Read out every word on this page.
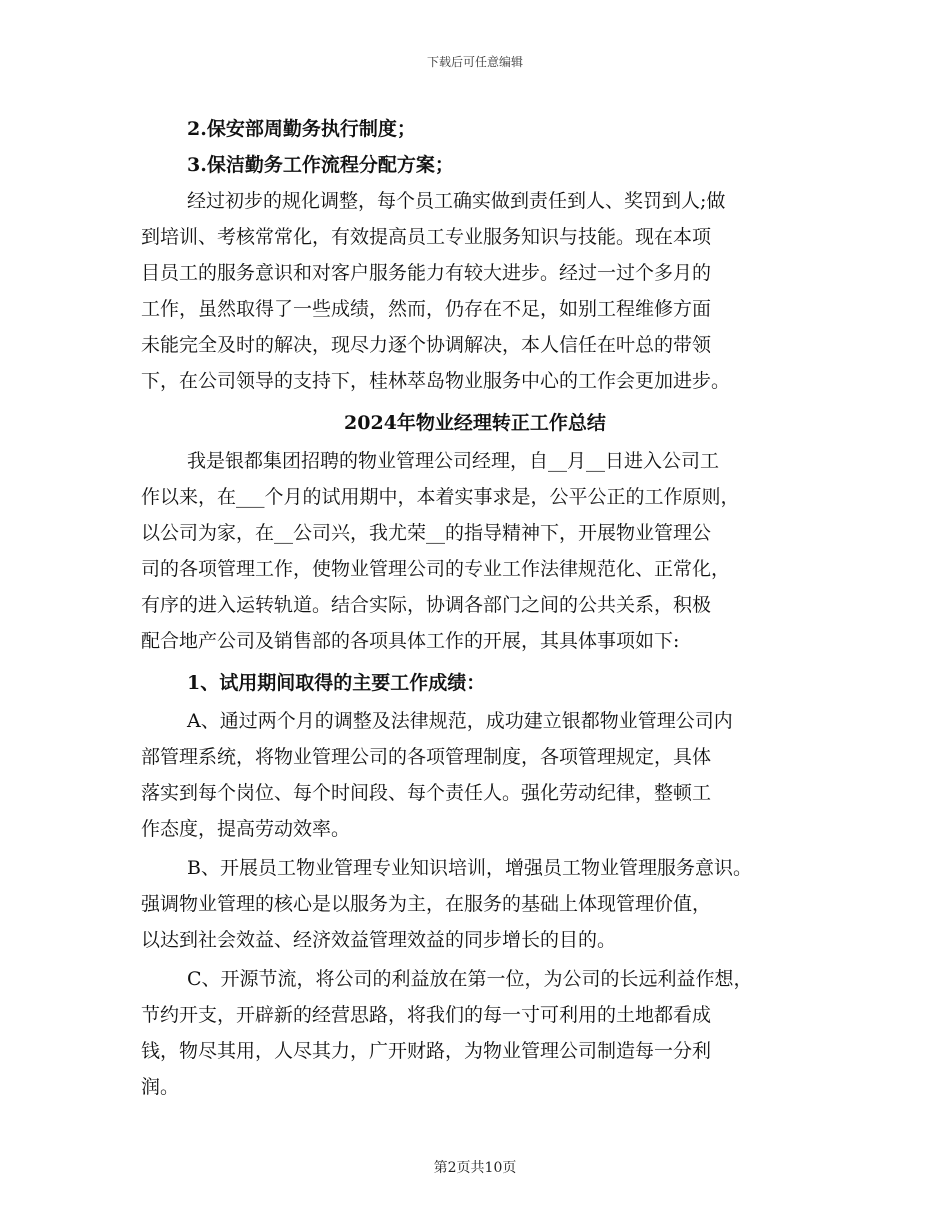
下载后可任意编辑
2.保安部周勤务执行制度；
3.保洁勤务工作流程分配方案；
经过初步的规化调整，每个员工确实做到责任到人、奖罚到人;做
到培训、考核常常化，有效提高员工专业服务知识与技能。现在本项
目员工的服务意识和对客户服务能力有较大进步。经过一过个多月的
工作，虽然取得了一些成绩，然而，仍存在不足，如别工程维修方面
未能完全及时的解决，现尽力逐个协调解决，本人信任在叶总的带领
下，在公司领导的支持下，桂林萃岛物业服务中心的工作会更加进步。
2024年物业经理转正工作总结
我是银都集团招聘的物业管理公司经理，自__月__日进入公司工
作以来，在___个月的试用期中，本着实事求是，公平公正的工作原则，
以公司为家，在__公司兴，我尤荣__的指导精神下，开展物业管理公
司的各项管理工作，使物业管理公司的专业工作法律规范化、正常化，
有序的进入运转轨道。结合实际，协调各部门之间的公共关系，积极
配合地产公司及销售部的各项具体工作的开展，其具体事项如下:
1、试用期间取得的主要工作成绩：
A、通过两个月的调整及法律规范，成功建立银都物业管理公司内
部管理系统，将物业管理公司的各项管理制度，各项管理规定，具体
落实到每个岗位、每个时间段、每个责任人。强化劳动纪律，整顿工
作态度，提高劳动效率。
B、开展员工物业管理专业知识培训，增强员工物业管理服务意识。
强调物业管理的核心是以服务为主，在服务的基础上体现管理价值，
以达到社会效益、经济效益管理效益的同步增长的目的。
C、开源节流，将公司的利益放在第一位，为公司的长远利益作想，
节约开支，开辟新的经营思路，将我们的每一寸可利用的土地都看成
钱，物尽其用，人尽其力，广开财路，为物业管理公司制造每一分利
润。
第2页共10页
